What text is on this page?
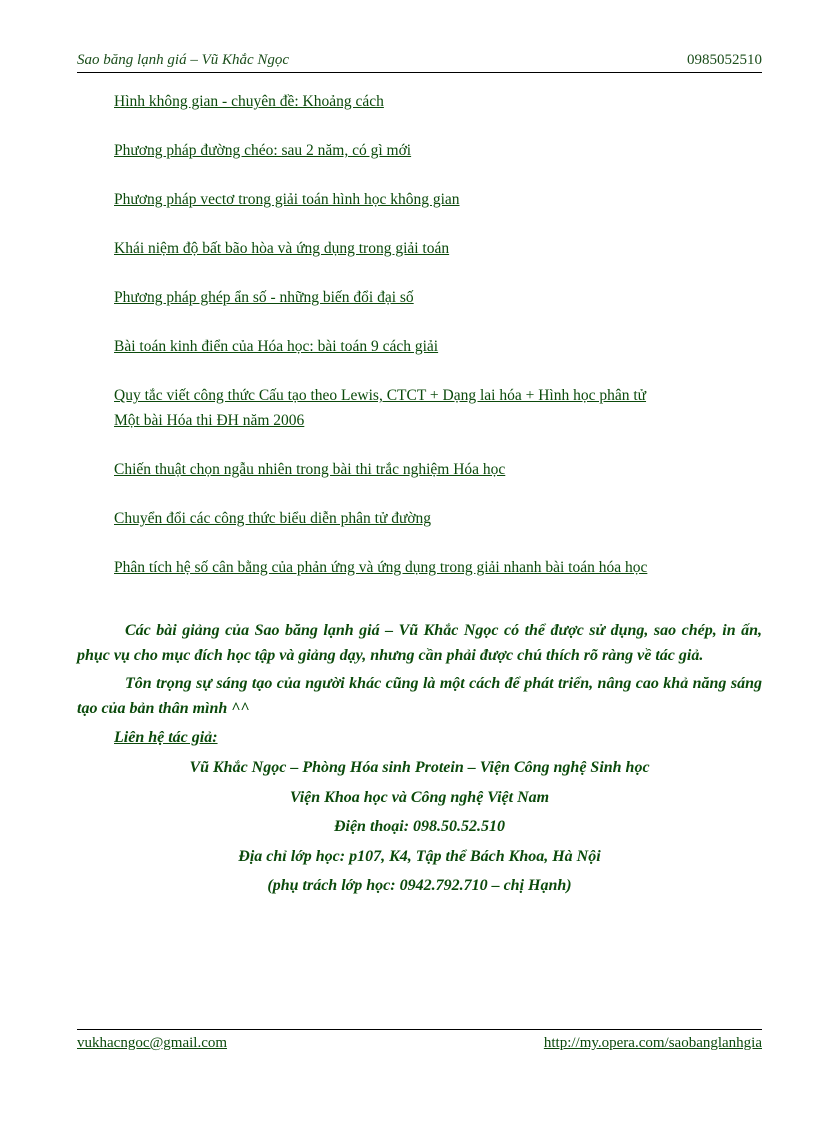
Sao băng lạnh giá – Vũ Khắc Ngọc	0985052510
Hình không gian - chuyên đề: Khoảng cách
Phương pháp đường chéo: sau 2 năm, có gì mới
Phương pháp vectơ trong giải toán hình học không gian
Khái niệm độ bất bão hòa và ứng dụng trong giải toán
Phương pháp ghép ẩn số - những biến đổi đại số
Bài toán kinh điển của Hóa học: bài toán 9 cách giải
Quy tắc viết công thức Cấu tạo theo Lewis, CTCT + Dạng lai hóa + Hình học phân tử
Một bài Hóa thi ĐH năm 2006
Chiến thuật chọn ngẫu nhiên trong bài thi trắc nghiệm Hóa học
Chuyển đổi các công thức biểu diễn phân tử đường
Phân tích hệ số cân bằng của phản ứng và ứng dụng trong giải nhanh bài toán hóa học

Các bài giảng của Sao băng lạnh giá – Vũ Khắc Ngọc có thể được sử dụng, sao chép, in ấn, phục vụ cho mục đích học tập và giảng dạy, nhưng cần phải được chú thích rõ ràng về tác giả.

Tôn trọng sự sáng tạo của người khác cũng là một cách để phát triển, nâng cao khả năng sáng tạo của bản thân mình ^^

Liên hệ tác giả:
Vũ Khắc Ngọc – Phòng Hóa sinh Protein – Viện Công nghệ Sinh học
Viện Khoa học và Công nghệ Việt Nam
Điện thoại: 098.50.52.510
Địa chỉ lớp học: p107, K4, Tập thể Bách Khoa, Hà Nội
(phụ trách lớp học: 0942.792.710 – chị Hạnh)
vukhacngoc@gmail.com	http://my.opera.com/saobanglanhgia
